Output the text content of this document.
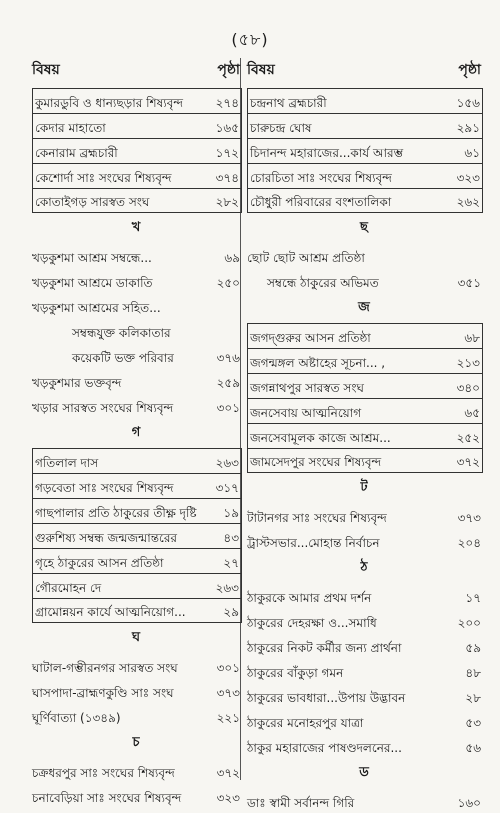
(৫৮)
বিষয়	পৃষ্ঠা
কুমারডুবি ও ধান্যছড়ার শিষ্যবৃন্দ	২৭৪
কেদার মাহাতো	১৬৫
কেনারাম ব্রহ্মচারী	১৭২
কেশোর্দা সাঃ সংঘের শিষ্যবৃন্দ	৩৭৪
কোতাইগড় সারস্বত সংঘ	২৮২
খ
খড়কুশমা আশ্রম সম্বন্ধে...	৬৯
খড়কুশমা আশ্রমে ডাকাতি	২৫০
খড়কুশমা আশ্রমের সহিত...
সম্বন্ধযুক্ত কলিকাতার
কয়েকটি ভক্ত পরিবার	৩৭৬
খড়কুশমার ভক্তবৃন্দ	২৫৯
খড়ার সারস্বত সংঘের শিষ্যবৃন্দ	৩০১
গ
গতিলাল দাস	২৬৩
গড়বেতা সাঃ সংঘের শিষ্যবৃন্দ	৩১৭
গাছপালার প্রতি ঠাকুরের তীক্ষ্ণ দৃষ্টি	১৯
গুরুশিষ্য সম্বন্ধ জন্মজন্মান্তরের	৪৩
গৃহে ঠাকুরের আসন প্রতিষ্ঠা	২৭
গৌরমোহন দে	২৬৩
গ্রামোন্নয়ন কার্যে আত্মনিয়োগ...	২৯
ঘ
ঘাটাল-গম্ভীরনগর সারস্বত সংঘ	৩০১
ঘাসপাদা-ব্রাহ্মণকুণ্ডি সাঃ সংঘ	৩৭৩
ঘূর্ণিবাত্যা (১৩৪৯)	২২১
চ
চক্রধরপুর সাঃ সংঘের শিষ্যবৃন্দ	৩৭২
চনাবেড়িয়া সাঃ সংঘের শিষ্যবৃন্দ	৩২৩
বিষয়	পৃষ্ঠা
চন্দ্রনাথ ব্রহ্মচারী	১৫৬
চারুচন্দ্র ঘোষ	২৯১
চিদানন্দ মহারাজের...কার্য আরম্ভ	৬১
চোরচিতা সাঃ সংঘের শিষ্যবৃন্দ	৩২৩
চৌধুরী পরিবারের বংশতালিকা	২৬২
ছ
ছোট ছোট আশ্রম প্রতিষ্ঠা
সম্বন্ধে ঠাকুরের অভিমত	৩৫১
জ
জগদ্গুরুর আসন প্রতিষ্ঠা	৬৮
জগন্মঙ্গল অষ্টাহের সূচনা... ,	২১৩
জগন্নাথপুর সারস্বত সংঘ	৩৪০
জনসেবায় আত্মনিয়োগ	৬৫
জনসেবামূলক কাজে আশ্রম...	২৫২
জামসেদপুর সংঘের শিষ্যবৃন্দ	৩৭২
ট
টাটানগর সাঃ সংঘের শিষ্যবৃন্দ	৩৭৩
ট্রাস্টসভার...মোহান্ত নির্বাচন	২০৪
ঠ
ঠাকুরকে আমার প্রথম দর্শন	১৭
ঠাকুরের দেহরক্ষা ও...সমাধি	২০০
ঠাকুরের নিকট কর্মীর জন্য প্রার্থনা	৫৯
ঠাকুরের বাঁকুড়া গমন	৪৮
ঠাকুরের ভাবধারা...উপায় উদ্ভাবন	২৮
ঠাকুরের মনোহরপুর যাত্রা	৫৩
ঠাকুর মহারাজের পাষণ্ডদলনের...	৫৬
ড
ডাঃ স্বামী সর্বানন্দ গিরি	১৬০
